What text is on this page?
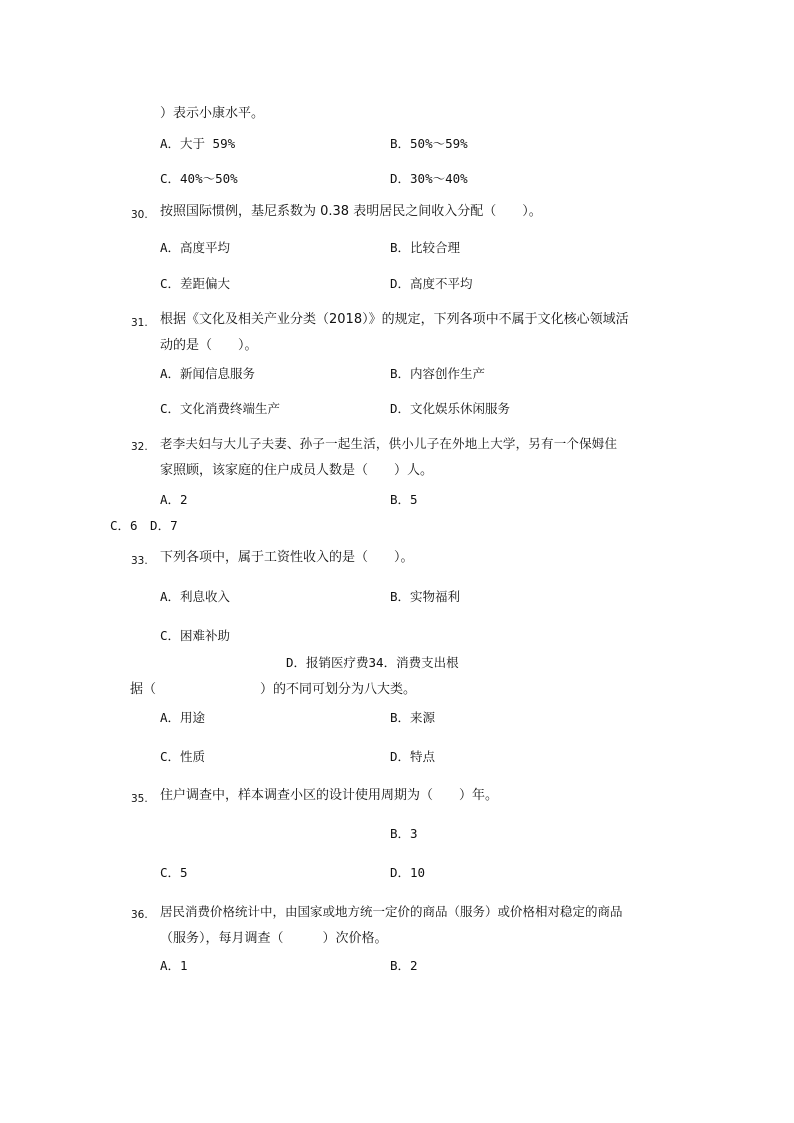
）表示小康水平。
A．大于 59%	B．50%～59%
C．40%～50%	D．30%～40%
30. 按照国际惯例，基尼系数为 0.38 表明居民之间收入分配（　　）。
A．高度平均	B．比较合理
C．差距偏大	D．高度不平均
31. 根据《文化及相关产业分类（2018）》的规定，下列各项中不属于文化核心领域活
动的是（　　）。
A．新闻信息服务	B．内容创作生产
C．文化消费终端生产	D．文化娱乐休闲服务
32. 老李夫妇与大儿子夫妻、孙子一起生活，供小儿子在外地上大学，另有一个保姆住
家照顾，该家庭的住户成员人数是（　　）人。
A．2	B．5
C．6　D．7
33. 下列各项中，属于工资性收入的是（　　）。
A．利息收入	B．实物福利
C．困难补助
D．报销医疗费34．消费支出根
据（　　　　　　　　）的不同可划分为八大类。
A．用途	B．来源
C．性质	D．特点
35. 住户调查中，样本调查小区的设计使用周期为（　　）年。
B．3
C．5	D．10
36. 居民消费价格统计中，由国家或地方统一定价的商品（服务）或价格相对稳定的商品
（服务），每月调查（　　　）次价格。
A．1	B．2
